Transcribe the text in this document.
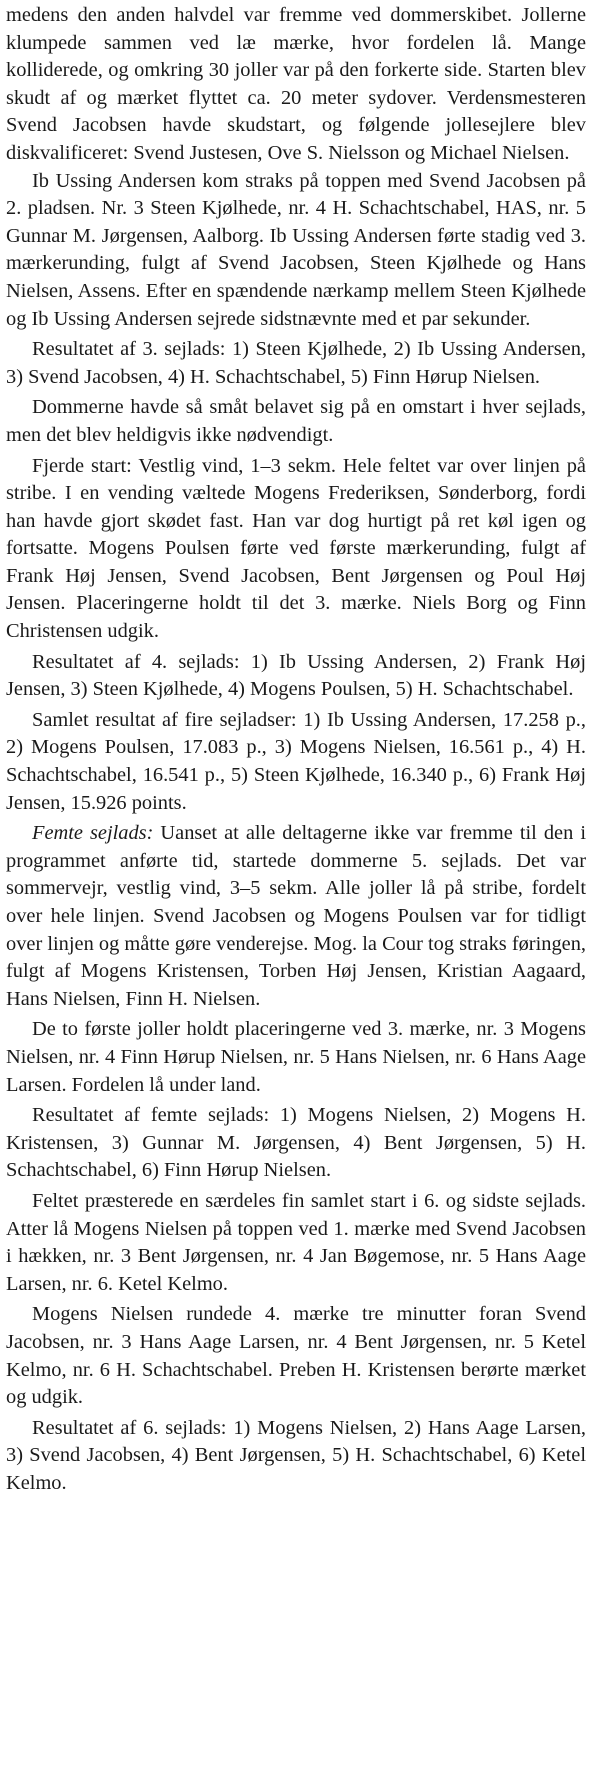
medens den anden halvdel var fremme ved dommerskibet. Jollerne klumpede sammen ved læ mærke, hvor fordelen lå. Mange kolliderede, og omkring 30 joller var på den forkerte side. Starten blev skudt af og mærket flyttet ca. 20 meter sydover. Verdensmesteren Svend Jacobsen havde skudstart, og følgende jollesejlere blev diskvalificeret: Svend Justesen, Ove S. Nielsson og Michael Nielsen.

Ib Ussing Andersen kom straks på toppen med Svend Jacobsen på 2. pladsen. Nr. 3 Steen Kjølhede, nr. 4 H. Schachtschabel, HAS, nr. 5 Gunnar M. Jørgensen, Aalborg. Ib Ussing Andersen førte stadig ved 3. mærkerunding, fulgt af Svend Jacobsen, Steen Kjølhede og Hans Nielsen, Assens. Efter en spændende nærkamp mellem Steen Kjølhede og Ib Ussing Andersen sejrede sidstnævnte med et par sekunder.

Resultatet af 3. sejlads: 1) Steen Kjølhede, 2) Ib Ussing Andersen, 3) Svend Jacobsen, 4) H. Schachtschabel, 5) Finn Hørup Nielsen.

Dommerne havde så småt belavet sig på en omstart i hver sejlads, men det blev heldigvis ikke nødvendigt.

Fjerde start: Vestlig vind, 1–3 sekm. Hele feltet var over linjen på stribe. I en vending væltede Mogens Frederiksen, Sønderborg, fordi han havde gjort skødet fast. Han var dog hurtigt på ret køl igen og fortsatte. Mogens Poulsen førte ved første mærkerunding, fulgt af Frank Høj Jensen, Svend Jacobsen, Bent Jørgensen og Poul Høj Jensen. Placeringerne holdt til det 3. mærke. Niels Borg og Finn Christensen udgik.

Resultatet af 4. sejlads: 1) Ib Ussing Andersen, 2) Frank Høj Jensen, 3) Steen Kjølhede, 4) Mogens Poulsen, 5) H. Schachtschabel.

Samlet resultat af fire sejladser: 1) Ib Ussing Andersen, 17.258 p., 2) Mogens Poulsen, 17.083 p., 3) Mogens Nielsen, 16.561 p., 4) H. Schachtschabel, 16.541 p., 5) Steen Kjølhede, 16.340 p., 6) Frank Høj Jensen, 15.926 points.

Femte sejlads: Uanset at alle deltagerne ikke var fremme til den i programmet anførte tid, startede dommerne 5. sejlads. Det var sommervejr, vestlig vind, 3–5 sekm. Alle joller lå på stribe, fordelt over hele linjen. Svend Jacobsen og Mogens Poulsen var for tidligt over linjen og måtte gøre venderejse. Mog. la Cour tog straks føringen, fulgt af Mogens Kristensen, Torben Høj Jensen, Kristian Aagaard, Hans Nielsen, Finn H. Nielsen.

De to første joller holdt placeringerne ved 3. mærke, nr. 3 Mogens Nielsen, nr. 4 Finn Hørup Nielsen, nr. 5 Hans Nielsen, nr. 6 Hans Aage Larsen. Fordelen lå under land.

Resultatet af femte sejlads: 1) Mogens Nielsen, 2) Mogens H. Kristensen, 3) Gunnar M. Jørgensen, 4) Bent Jørgensen, 5) H. Schachtschabel, 6) Finn Hørup Nielsen.

Feltet præsterede en særdeles fin samlet start i 6. og sidste sejlads. Atter lå Mogens Nielsen på toppen ved 1. mærke med Svend Jacobsen i hækken, nr. 3 Bent Jørgensen, nr. 4 Jan Bøgemose, nr. 5 Hans Aage Larsen, nr. 6. Ketel Kelmo.

Mogens Nielsen rundede 4. mærke tre minutter foran Svend Jacobsen, nr. 3 Hans Aage Larsen, nr. 4 Bent Jørgensen, nr. 5 Ketel Kelmo, nr. 6 H. Schachtschabel. Preben H. Kristensen berørte mærket og udgik.

Resultatet af 6. sejlads: 1) Mogens Nielsen, 2) Hans Aage Larsen, 3) Svend Jacobsen, 4) Bent Jørgensen, 5) H. Schachtschabel, 6) Ketel Kelmo.
